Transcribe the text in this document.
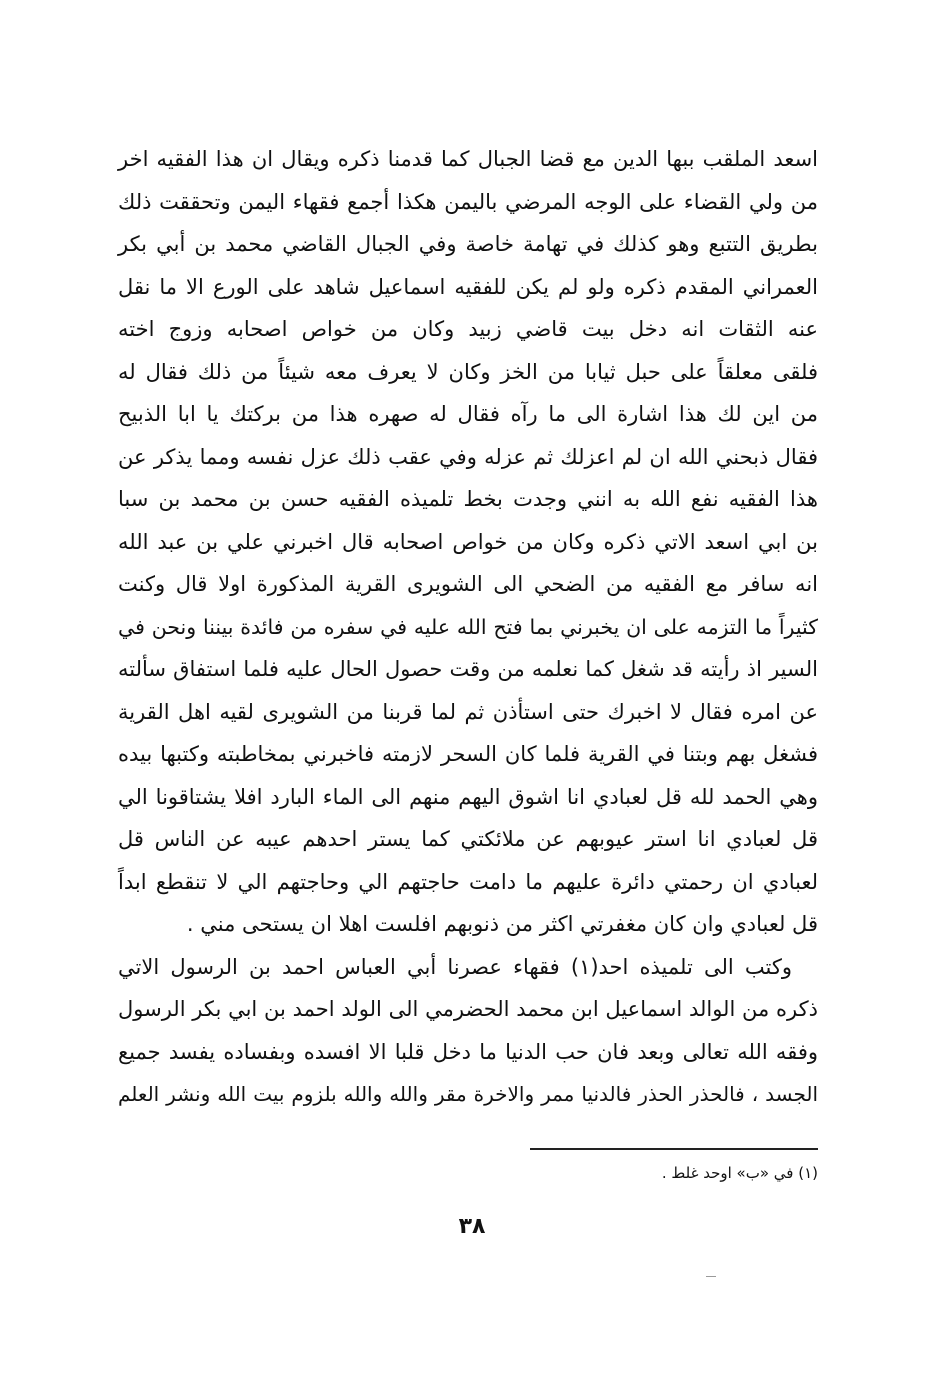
اسعد الملقب ببها الدين مع قضا الجبال كما قدمنا ذكره ويقال ان هذا الفقيه اخر
من ولي القضاء على الوجه المرضي باليمن هكذا أجمع فقهاء اليمن وتحققت ذلك
بطريق التتبع وهو كذلك في تهامة خاصة وفي الجبال القاضي محمد بن أبي بكر
العمراني المقدم ذكره ولو لم يكن للفقيه اسماعيل شاهد على الورع الا ما نقل
عنه الثقات انه دخل بيت قاضي زبيد وكان من خواص اصحابه وزوج اخته
فلقى معلقاً على حبل ثيابا من الخز وكان لا يعرف معه شيئاً من ذلك فقال له
من اين لك هذا اشارة الى ما رآه فقال له صهره هذا من بركتك يا ابا الذبيح
فقال ذبحني الله ان لم اعزلك ثم عزله وفي عقب ذلك عزل نفسه ومما يذكر عن
هذا الفقيه نفع الله به انني وجدت بخط تلميذه الفقيه حسن بن محمد بن سبا
بن ابي اسعد الاتي ذكره وكان من خواص اصحابه قال اخبرني علي بن عبد الله
انه سافر مع الفقيه من الضحي الى الشويرى القرية المذكورة اولا قال وكنت
كثيراً ما التزمه على ان يخبرني بما فتح الله عليه في سفره من فائدة بيننا ونحن في
السير اذ رأيته قد شغل كما نعلمه من وقت حصول الحال عليه فلما استفاق سألته
عن امره فقال لا اخبرك حتى استأذن ثم لما قربنا من الشويرى لقيه اهل القرية
فشغل بهم وبتنا في القرية فلما كان السحر لازمته فاخبرني بمخاطبته وكتبها بيده
وهي الحمد لله قل لعبادي انا اشوق اليهم منهم الى الماء البارد افلا يشتاقونا الي
قل لعبادي انا استر عيوبهم عن ملائكتي كما يستر احدهم عيبه عن الناس قل
لعبادي ان رحمتي دائرة عليهم ما دامت حاجتهم الي وحاجتهم الي لا تنقطع ابداً
قل لعبادي وان كان مغفرتي اكثر من ذنوبهم افلست اهلا ان يستحى مني .
وكتب الى تلميذه احد(١) فقهاء عصرنا أبي العباس احمد بن الرسول الاتي
ذكره من الوالد اسماعيل ابن محمد الحضرمي الى الولد احمد بن ابي بكر الرسول
وفقه الله تعالى وبعد فان حب الدنيا ما دخل قلبا الا افسده وبفساده يفسد جميع
الجسد ، فالحذر الحذر فالدنيا ممر والاخرة مقر والله والله بلزوم بيت الله ونشر العلم
(١) في «ب» اوحد غلط .
٣٨
